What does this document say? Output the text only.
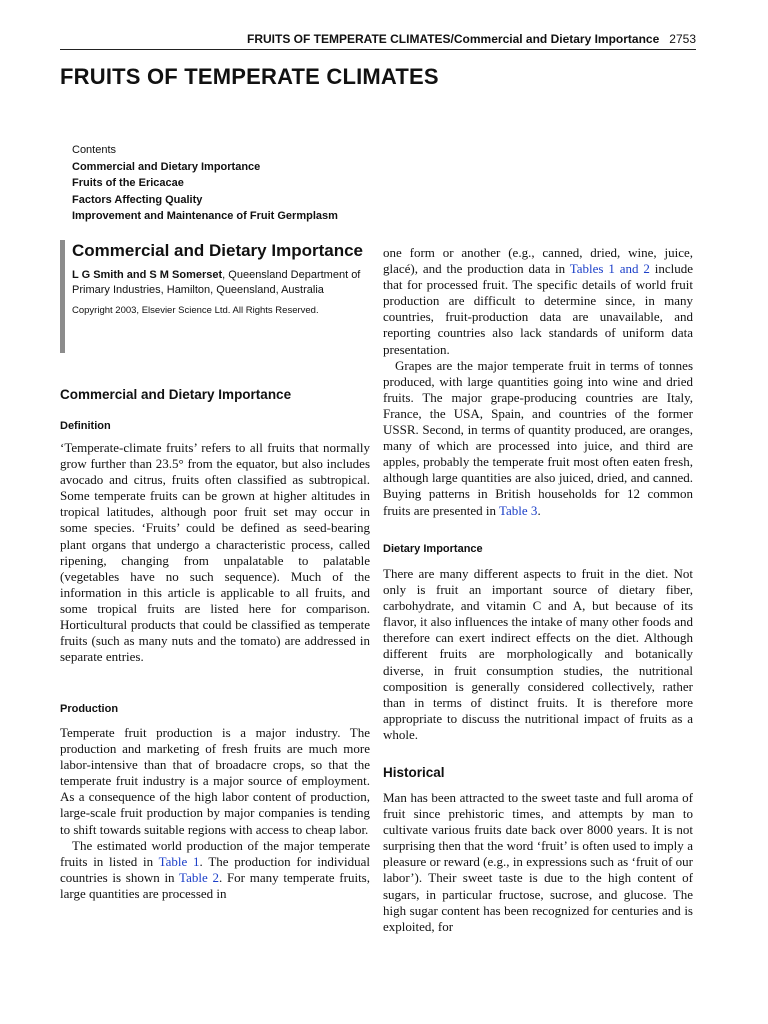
FRUITS OF TEMPERATE CLIMATES/Commercial and Dietary Importance 2753
FRUITS OF TEMPERATE CLIMATES
Contents
Commercial and Dietary Importance
Fruits of the Ericacae
Factors Affecting Quality
Improvement and Maintenance of Fruit Germplasm
Commercial and Dietary Importance
L G Smith and S M Somerset, Queensland Department of Primary Industries, Hamilton, Queensland, Australia
Copyright 2003, Elsevier Science Ltd. All Rights Reserved.
Commercial and Dietary Importance
Definition

‘Temperate-climate fruits’ refers to all fruits that normally grow further than 23.5° from the equator, but also includes avocado and citrus, fruits often classified as subtropical. Some temperate fruits can be grown at higher altitudes in tropical latitudes, although poor fruit set may occur in some species. ‘Fruits’ could be defined as seed-bearing plant organs that undergo a characteristic process, called ripening, changing from unpalatable to palatable (vegetables have no such sequence). Much of the information in this article is applicable to all fruits, and some tropical fruits are listed here for comparison. Horticultural products that could be classified as temperate fruits (such as many nuts and the tomato) are addressed in separate entries.

Production

Temperate fruit production is a major industry. The production and marketing of fresh fruits are much more labor-intensive than that of broadacre crops, so that the temperate fruit industry is a major source of employment. As a consequence of the high labor content of production, large-scale fruit production by major companies is tending to shift towards suitable regions with access to cheap labor.

The estimated world production of the major temperate fruits in listed in Table 1. The production for individual countries is shown in Table 2. For many temperate fruits, large quantities are processed in

one form or another (e.g., canned, dried, wine, juice, glacé), and the production data in Tables 1 and 2 include that for processed fruit. The specific details of world fruit production are difficult to determine since, in many countries, fruit-production data are unavailable, and reporting countries also lack standards of uniform data presentation.

Grapes are the major temperate fruit in terms of tonnes produced, with large quantities going into wine and dried fruits. The major grape-producing countries are Italy, France, the USA, Spain, and countries of the former USSR. Second, in terms of quantity produced, are oranges, many of which are processed into juice, and third are apples, probably the temperate fruit most often eaten fresh, although large quantities are also juiced, dried, and canned. Buying patterns in British households for 12 common fruits are presented in Table 3.

Dietary Importance

There are many different aspects to fruit in the diet. Not only is fruit an important source of dietary fiber, carbohydrate, and vitamin C and A, but because of its flavor, it also influences the intake of many other foods and therefore can exert indirect effects on the diet. Although different fruits are morphologically and botanically diverse, in fruit consumption studies, the nutritional composition is generally considered collectively, rather than in terms of distinct fruits. It is therefore more appropriate to discuss the nutritional impact of fruits as a whole.

Historical

Man has been attracted to the sweet taste and full aroma of fruit since prehistoric times, and attempts by man to cultivate various fruits date back over 8000 years. It is not surprising then that the word ‘fruit’ is often used to imply a pleasure or reward (e.g., in expressions such as ‘fruit of our labor’). Their sweet taste is due to the high content of sugars, in particular fructose, sucrose, and glucose. The high sugar content has been recognized for centuries and is exploited, for
